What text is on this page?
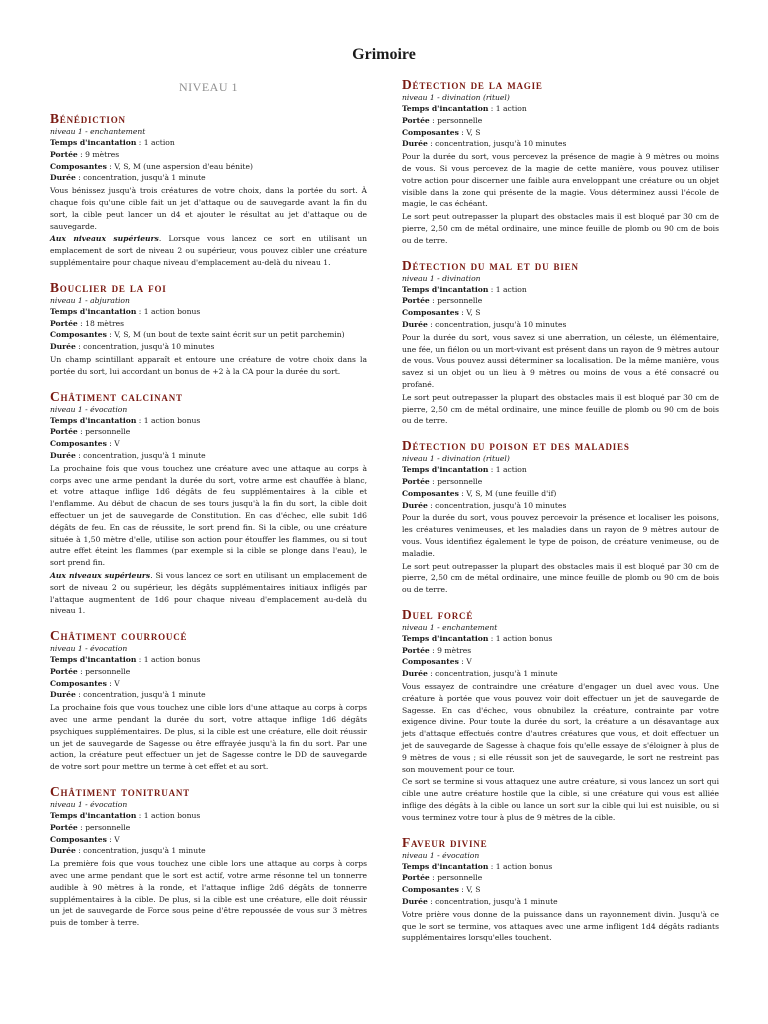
Grimoire
NIVEAU 1
Bénédiction
niveau 1 - enchantement
Temps d'incantation : 1 action
Portée : 9 mètres
Composantes : V, S, M (une aspersion d'eau bénite)
Durée : concentration, jusqu'à 1 minute
Vous bénissez jusqu'à trois créatures de votre choix, dans la portée du sort. À chaque fois qu'une cible fait un jet d'attaque ou de sauvegarde avant la fin du sort, la cible peut lancer un d4 et ajouter le résultat au jet d'attaque ou de sauvegarde.
Aux niveaux supérieurs. Lorsque vous lancez ce sort en utilisant un emplacement de sort de niveau 2 ou supérieur, vous pouvez cibler une créature supplémentaire pour chaque niveau d'emplacement au-delà du niveau 1.
Bouclier de la foi
niveau 1 - abjuration
Temps d'incantation : 1 action bonus
Portée : 18 mètres
Composantes : V, S, M (un bout de texte saint écrit sur un petit parchemin)
Durée : concentration, jusqu'à 10 minutes
Un champ scintillant apparaît et entoure une créature de votre choix dans la portée du sort, lui accordant un bonus de +2 à la CA pour la durée du sort.
Châtiment calcinant
niveau 1 - évocation
Temps d'incantation : 1 action bonus
Portée : personnelle
Composantes : V
Durée : concentration, jusqu'à 1 minute
La prochaine fois que vous touchez une créature avec une attaque au corps à corps avec une arme pendant la durée du sort, votre arme est chauffée à blanc, et votre attaque inflige 1d6 dégâts de feu supplémentaires à la cible et l'enflamme. Au début de chacun de ses tours jusqu'à la fin du sort, la cible doit effectuer un jet de sauvegarde de Constitution. En cas d'échec, elle subit 1d6 dégâts de feu. En cas de réussite, le sort prend fin. Si la cible, ou une créature située à 1,50 mètre d'elle, utilise son action pour étouffer les flammes, ou si tout autre effet éteint les flammes (par exemple si la cible se plonge dans l'eau), le sort prend fin.
Aux niveaux supérieurs. Si vous lancez ce sort en utilisant un emplacement de sort de niveau 2 ou supérieur, les dégâts supplémentaires initiaux infligés par l'attaque augmentent de 1d6 pour chaque niveau d'emplacement au-delà du niveau 1.
Châtiment courroucé
niveau 1 - évocation
Temps d'incantation : 1 action bonus
Portée : personnelle
Composantes : V
Durée : concentration, jusqu'à 1 minute
La prochaine fois que vous touchez une cible lors d'une attaque au corps à corps avec une arme pendant la durée du sort, votre attaque inflige 1d6 dégâts psychiques supplémentaires. De plus, si la cible est une créature, elle doit réussir un jet de sauvegarde de Sagesse ou être effrayée jusqu'à la fin du sort. Par une action, la créature peut effectuer un jet de Sagesse contre le DD de sauvegarde de votre sort pour mettre un terme à cet effet et au sort.
Châtiment tonitruant
niveau 1 - évocation
Temps d'incantation : 1 action bonus
Portée : personnelle
Composantes : V
Durée : concentration, jusqu'à 1 minute
La première fois que vous touchez une cible lors une attaque au corps à corps avec une arme pendant que le sort est actif, votre arme résonne tel un tonnerre audible à 90 mètres à la ronde, et l'attaque inflige 2d6 dégâts de tonnerre supplémentaires à la cible. De plus, si la cible est une créature, elle doit réussir un jet de sauvegarde de Force sous peine d'être repoussée de vous sur 3 mètres puis de tomber à terre.
Détection de la magie
niveau 1 - divination (rituel)
Temps d'incantation : 1 action
Portée : personnelle
Composantes : V, S
Durée : concentration, jusqu'à 10 minutes
Pour la durée du sort, vous percevez la présence de magie à 9 mètres ou moins de vous. Si vous percevez de la magie de cette manière, vous pouvez utiliser votre action pour discerner une faible aura enveloppant une créature ou un objet visible dans la zone qui présente de la magie. Vous déterminez aussi l'école de magie, le cas échéant.
Le sort peut outrepasser la plupart des obstacles mais il est bloqué par 30 cm de pierre, 2,50 cm de métal ordinaire, une mince feuille de plomb ou 90 cm de bois ou de terre.
Détection du mal et du bien
niveau 1 - divination
Temps d'incantation : 1 action
Portée : personnelle
Composantes : V, S
Durée : concentration, jusqu'à 10 minutes
Pour la durée du sort, vous savez si une aberration, un céleste, un élémentaire, une fée, un fiélon ou un mort-vivant est présent dans un rayon de 9 mètres autour de vous. Vous pouvez aussi déterminer sa localisation. De la même manière, vous savez si un objet ou un lieu à 9 mètres ou moins de vous a été consacré ou profané.
Le sort peut outrepasser la plupart des obstacles mais il est bloqué par 30 cm de pierre, 2,50 cm de métal ordinaire, une mince feuille de plomb ou 90 cm de bois ou de terre.
Détection du poison et des maladies
niveau 1 - divination (rituel)
Temps d'incantation : 1 action
Portée : personnelle
Composantes : V, S, M (une feuille d'if)
Durée : concentration, jusqu'à 10 minutes
Pour la durée du sort, vous pouvez percevoir la présence et localiser les poisons, les créatures venimeuses, et les maladies dans un rayon de 9 mètres autour de vous. Vous identifiez également le type de poison, de créature venimeuse, ou de maladie.
Le sort peut outrepasser la plupart des obstacles mais il est bloqué par 30 cm de pierre, 2,50 cm de métal ordinaire, une mince feuille de plomb ou 90 cm de bois ou de terre.
Duel forcé
niveau 1 - enchantement
Temps d'incantation : 1 action bonus
Portée : 9 mètres
Composantes : V
Durée : concentration, jusqu'à 1 minute
Vous essayez de contraindre une créature d'engager un duel avec vous. Une créature à portée que vous pouvez voir doit effectuer un jet de sauvegarde de Sagesse. En cas d'échec, vous obnubilez la créature, contrainte par votre exigence divine. Pour toute la durée du sort, la créature a un désavantage aux jets d'attaque effectués contre d'autres créatures que vous, et doit effectuer un jet de sauvegarde de Sagesse à chaque fois qu'elle essaye de s'éloigner à plus de 9 mètres de vous ; si elle réussit son jet de sauvegarde, le sort ne restreint pas son mouvement pour ce tour.
Ce sort se termine si vous attaquez une autre créature, si vous lancez un sort qui cible une autre créature hostile que la cible, si une créature qui vous est alliée inflige des dégâts à la cible ou lance un sort sur la cible qui lui est nuisible, ou si vous terminez votre tour à plus de 9 mètres de la cible.
Faveur divine
niveau 1 - évocation
Temps d'incantation : 1 action bonus
Portée : personnelle
Composantes : V, S
Durée : concentration, jusqu'à 1 minute
Votre prière vous donne de la puissance dans un rayonnement divin. Jusqu'à ce que le sort se termine, vos attaques avec une arme infligent 1d4 dégâts radiants supplémentaires lorsqu'elles touchent.
